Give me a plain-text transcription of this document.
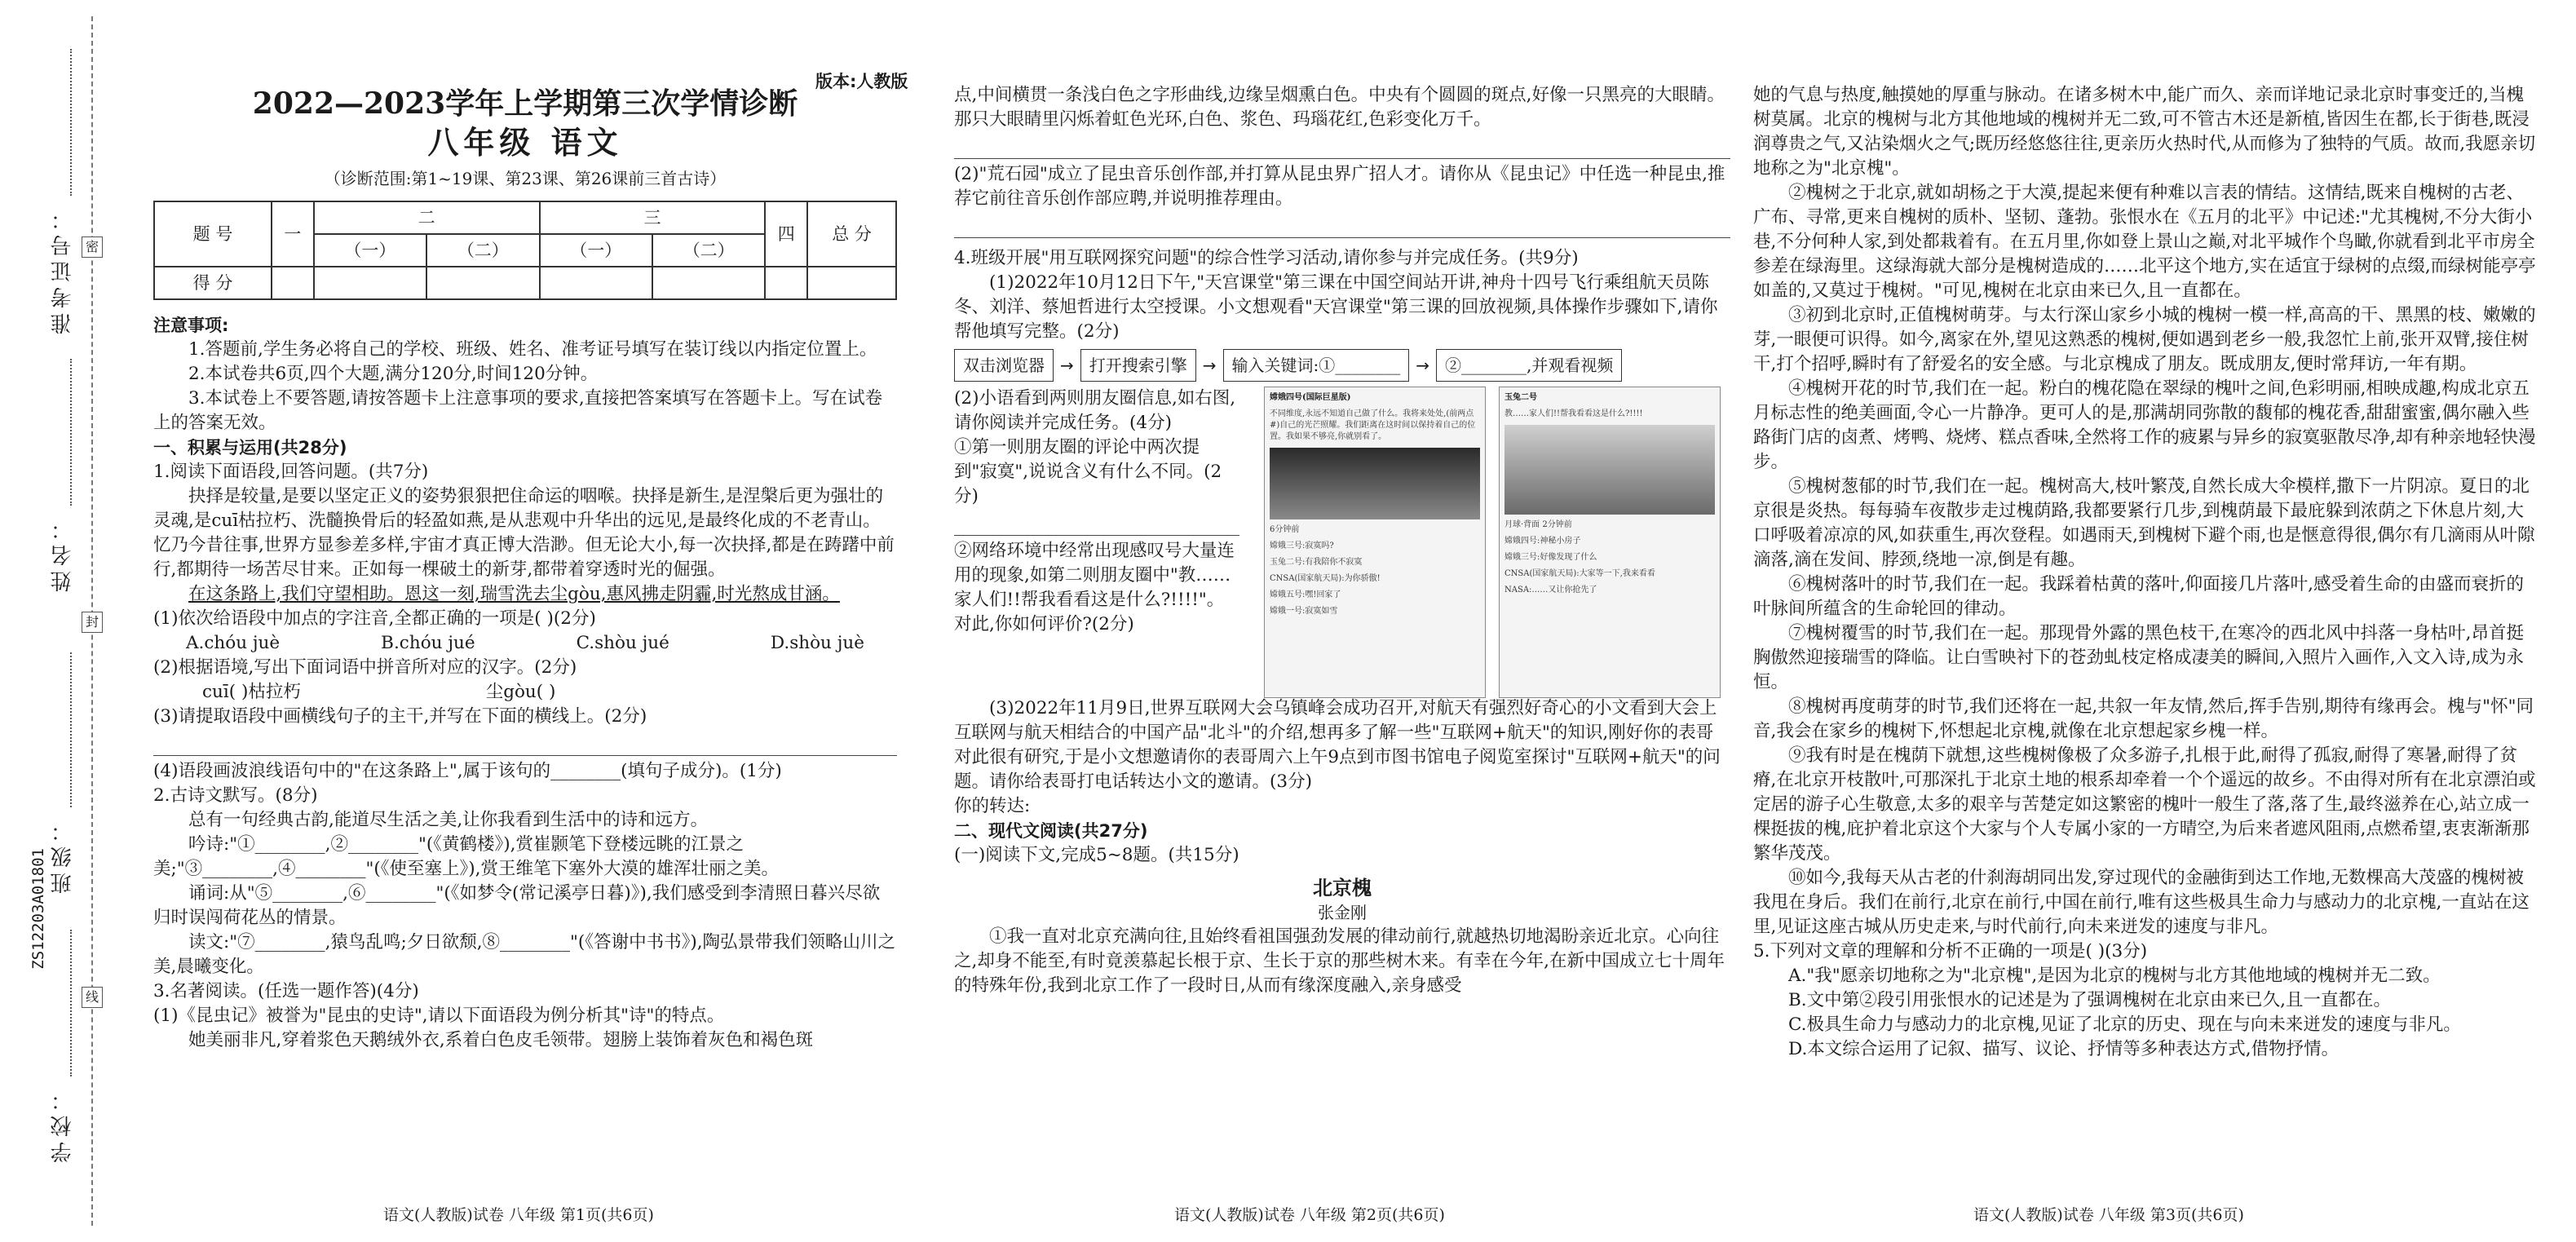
学校：
班级：
姓名：
准考证号： 密
封
线
ZS12203A01801
版本:人教版
2022—2023学年上学期第三次学情诊断
八年级 语文
（诊断范围:第1~19课、第23课、第26课前三首古诗）
题 号	一	二		三		四	总 分
		（一）	（二）	（一）	（二）		
得 分							

注意事项:

1.答题前,学生务必将自己的学校、班级、姓名、准考证号填写在装订线以内指定位置上。

2.本试卷共6页,四个大题,满分120分,时间120分钟。

3.本试卷上不要答题,请按答题卡上注意事项的要求,直接把答案填写在答题卡上。写在试卷上的答案无效。

一、积累与运用(共28分)

1.阅读下面语段,回答问题。(共7分)

抉择是较量,是要以坚定正义的姿势狠狠把住命运的咽喉。抉择是新生,是涅槃后更为强壮的灵魂,是cuī枯拉朽、洗髓换骨后的轻盈如燕,是从悲观中升华出的远见,是最终化成的不老青山。忆乃今昔往事,世界方显参差多样,宇宙才真正博大浩渺。但无论大小,每一次抉择,都是在踌躇中前行,都期待一场苦尽甘来。正如每一棵破土的新芽,都带着穿透时光的倔强。

在这条路上,我们守望相助。恩这一刻,瑞雪洗去尘gòu,惠风拂走阴霾,时光熬成甘涵。

(1)依次给语段中加点的字注音,全都正确的一项是( )(2分)

A.chóu juè	B.chóu jué	C.shòu jué	D.shòu juè

(2)根据语境,写出下面词语中拼音所对应的汉字。(2分)

cuī( )枯拉朽	尘gòu( )

(3)请提取语段中画横线句子的主干,并写在下面的横线上。(2分)

(4)语段画波浪线语句中的"在这条路上",属于该句的________(填句子成分)。(1分)

2.古诗文默写。(8分)

总有一句经典古韵,能道尽生活之美,让你我看到生活中的诗和远方。

吟诗:"①________,②________"(《黄鹤楼》),赏崔颢笔下登楼远眺的江景之美;"③________,④________"(《使至塞上》),赏王维笔下塞外大漠的雄浑壮丽之美。

诵词:从"⑤________,⑥________"(《如梦令(常记溪亭日暮)》),我们感受到李清照日暮兴尽欲归时误闯荷花丛的情景。

读文:"⑦________,猿鸟乱鸣;夕日欲颓,⑧________"(《答谢中书书》),陶弘景带我们领略山川之美,晨曦变化。

3.名著阅读。(任选一题作答)(4分)

(1)《昆虫记》被誉为"昆虫的史诗",请以下面语段为例分析其"诗"的特点。

她美丽非凡,穿着浆色天鹅绒外衣,系着白色皮毛领带。翅膀上装饰着灰色和褐色斑

语文(人教版)试卷 八年级 第1页(共6页)

点,中间横贯一条浅白色之字形曲线,边缘呈烟熏白色。中央有个圆圆的斑点,好像一只黑亮的大眼睛。那只大眼睛里闪烁着虹色光环,白色、浆色、玛瑙花红,色彩变化万千。

(2)"荒石园"成立了昆虫音乐创作部,并打算从昆虫界广招人才。请你从《昆虫记》中任选一种昆虫,推荐它前往音乐创作部应聘,并说明推荐理由。

4.班级开展"用互联网探究问题"的综合性学习活动,请你参与并完成任务。(共9分)

(1)2022年10月12日下午,"天宫课堂"第三课在中国空间站开讲,神舟十四号飞行乘组航天员陈冬、刘洋、蔡旭哲进行太空授课。小文想观看"天宫课堂"第三课的回放视频,具体操作步骤如下,请你帮他填写完整。(2分)

双击浏览器 → 打开搜索引擎 → 输入关键词:①________ → ②________,并观看视频

(2)小语看到两则朋友圈信息,如右图,请你阅读并完成任务。(4分)

①第一则朋友圈的评论中两次提到"寂寞",说说含义有什么不同。(2分)

②网络环境中经常出现感叹号大量连用的现象,如第二则朋友圈中"教……家人们!!帮我看看这是什么?!!!!"。对此,你如何评价?(2分)

嫦娥四号(国际巨星版)
不同维度,永远不知道自己做了什么。我将来处处,(前两点 #)自己的光芒照耀。我们距离在这时间以保持着自己的位置。我如果不够亮,你就别看了。
6分钟前
嫦娥三号:寂寞吗?
玉兔二号:有我陪你不寂寞
CNSA(国家航天局):为你骄傲!
嫦娥五号:嘿!回家了
嫦娥一号:寂寞如雪
玉兔二号
教……家人们!!帮我看看这是什么?!!!!
月球·背面 2分钟前
嫦娥四号:神秘小房子
嫦娥三号:好像发现了什么
CNSA(国家航天局):大家等一下,我来看看
NASA:……又让你抢先了

(3)2022年11月9日,世界互联网大会乌镇峰会成功召开,对航天有强烈好奇心的小文看到大会上互联网与航天相结合的中国产品"北斗"的介绍,想再多了解一些"互联网+航天"的知识,刚好你的表哥对此很有研究,于是小文想邀请你的表哥周六上午9点到市图书馆电子阅览室探讨"互联网+航天"的问题。请你给表哥打电话转达小文的邀请。(3分)

你的转达:

二、现代文阅读(共27分)

(一)阅读下文,完成5~8题。(共15分)

北京槐
张金刚

①我一直对北京充满向往,且始终看祖国强劲发展的律动前行,就越热切地渴盼亲近北京。心向往之,却身不能至,有时竟羡慕起长根于京、生长于京的那些树木来。有幸在今年,在新中国成立七十周年的特殊年份,我到北京工作了一段时日,从而有缘深度融入,亲身感受

语文(人教版)试卷 八年级 第2页(共6页)

她的气息与热度,触摸她的厚重与脉动。在诸多树木中,能广而久、亲而详地记录北京时事变迁的,当槐树莫属。北京的槐树与北方其他地域的槐树并无二致,可不管古木还是新植,皆因生在都,长于街巷,既浸润尊贵之气,又沾染烟火之气;既历经悠悠往往,更亲历火热时代,从而修为了独特的气质。故而,我愿亲切地称之为"北京槐"。

②槐树之于北京,就如胡杨之于大漠,提起来便有种难以言表的情结。这情结,既来自槐树的古老、广布、寻常,更来自槐树的质朴、坚韧、蓬勃。张恨水在《五月的北平》中记述:"尤其槐树,不分大街小巷,不分何种人家,到处都栽着有。在五月里,你如登上景山之巅,对北平城作个鸟瞰,你就看到北平市房全参差在绿海里。这绿海就大部分是槐树造成的……北平这个地方,实在适宜于绿树的点缀,而绿树能亭亭如盖的,又莫过于槐树。"可见,槐树在北京由来已久,且一直都在。

③初到北京时,正值槐树萌芽。与太行深山家乡小城的槐树一模一样,高高的干、黑黑的枝、嫩嫩的芽,一眼便可识得。如今,离家在外,望见这熟悉的槐树,便如遇到老乡一般,我忽忙上前,张开双臂,接住树干,打个招呼,瞬时有了舒爱名的安全感。与北京槐成了朋友。既成朋友,便时常拜访,一年有期。

④槐树开花的时节,我们在一起。粉白的槐花隐在翠绿的槐叶之间,色彩明丽,相映成趣,构成北京五月标志性的绝美画面,令心一片静净。更可人的是,那满胡同弥散的馥郁的槐花香,甜甜蜜蜜,偶尔融入些路街门店的卤煮、烤鸭、烧烤、糕点香味,全然将工作的疲累与异乡的寂寞驱散尽净,却有种亲地轻快漫步。

⑤槐树葱郁的时节,我们在一起。槐树高大,枝叶繁茂,自然长成大伞模样,撒下一片阴凉。夏日的北京很是炎热。每每骑车夜散步走过槐荫路,我都要紧行几步,到槐荫最下最庇躲到浓荫之下休息片刻,大口呼吸着凉凉的风,如获重生,再次登程。如遇雨天,到槐树下避个雨,也是惬意得很,偶尔有几滴雨从叶隙滴落,滴在发间、脖颈,绕地一凉,倒是有趣。

⑥槐树落叶的时节,我们在一起。我踩着枯黄的落叶,仰面接几片落叶,感受着生命的由盛而衰折的叶脉间所蕴含的生命轮回的律动。

⑦槐树覆雪的时节,我们在一起。那现骨外露的黑色枝干,在寒冷的西北风中抖落一身枯叶,昂首挺胸傲然迎接瑞雪的降临。让白雪映衬下的苍劲虬枝定格成凄美的瞬间,入照片入画作,入文入诗,成为永恒。

⑧槐树再度萌芽的时节,我们还将在一起,共叙一年友情,然后,挥手告别,期待有缘再会。槐与"怀"同音,我会在家乡的槐树下,怀想起北京槐,就像在北京想起家乡槐一样。

⑨我有时是在槐荫下就想,这些槐树像极了众多游子,扎根于此,耐得了孤寂,耐得了寒暑,耐得了贫瘠,在北京开枝散叶,可那深扎于北京土地的根系却牵着一个个遥远的故乡。不由得对所有在北京漂泊或定居的游子心生敬意,太多的艰辛与苦楚定如这繁密的槐叶一般生了落,落了生,最终滋养在心,站立成一棵挺拔的槐,庇护着北京这个大家与个人专属小家的一方晴空,为后来者遮风阻雨,点燃希望,衷衷渐渐那繁华茂茂。

⑩如今,我每天从古老的什刹海胡同出发,穿过现代的金融街到达工作地,无数棵高大茂盛的槐树被我甩在身后。我们在前行,北京在前行,中国在前行,唯有这些极具生命力与感动力的北京槐,一直站在这里,见证这座古城从历史走来,与时代前行,向未来迸发的速度与非凡。

5.下列对文章的理解和分析不正确的一项是( )(3分)

A."我"愿亲切地称之为"北京槐",是因为北京的槐树与北方其他地域的槐树并无二致。

B.文中第②段引用张恨水的记述是为了强调槐树在北京由来已久,且一直都在。

C.极具生命力与感动力的北京槐,见证了北京的历史、现在与向未来迸发的速度与非凡。

D.本文综合运用了记叙、描写、议论、抒情等多种表达方式,借物抒情。

语文(人教版)试卷 八年级 第3页(共6页)
